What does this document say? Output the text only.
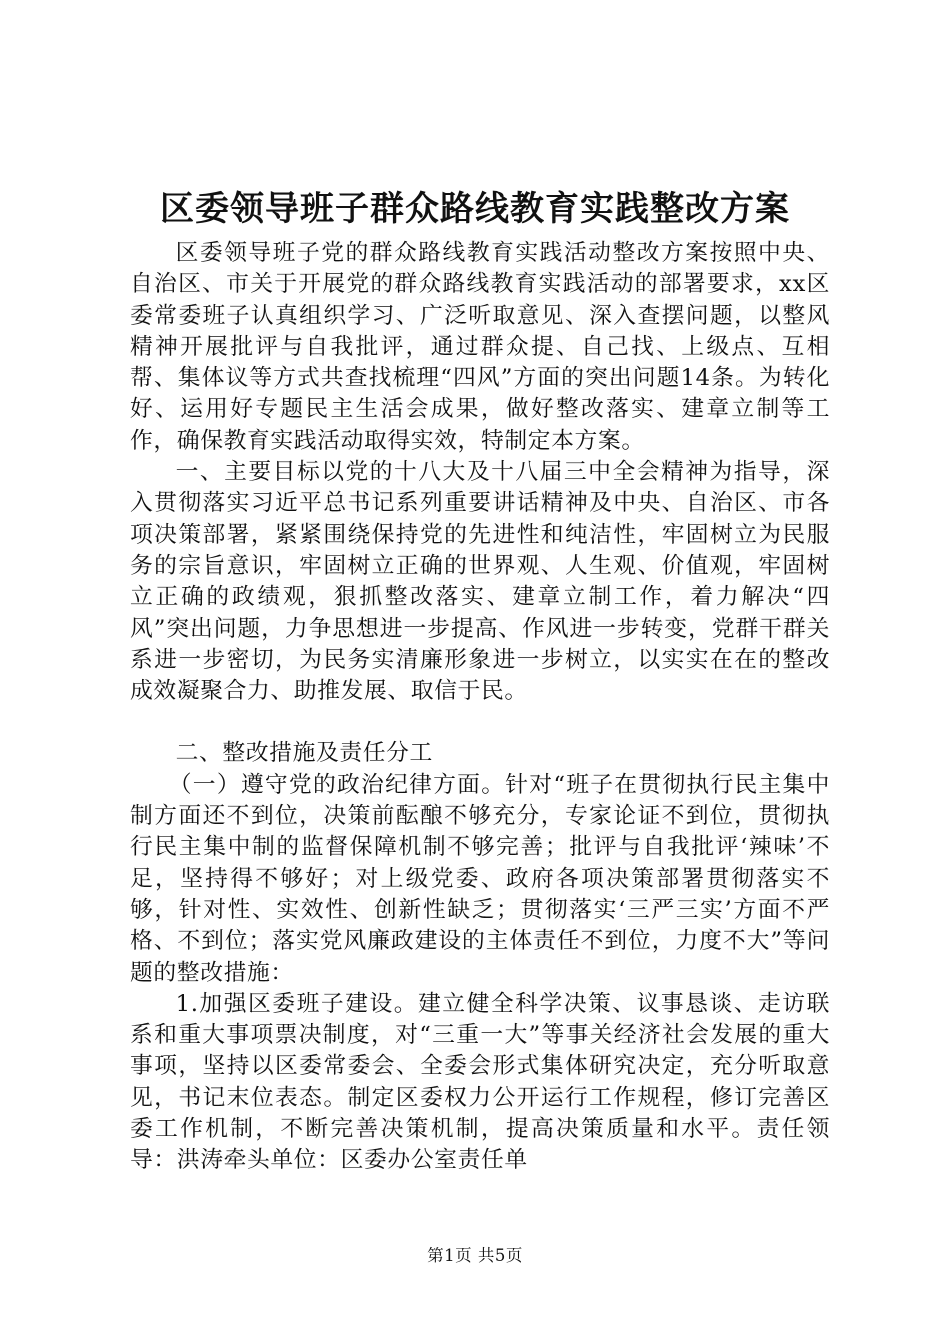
区委领导班子群众路线教育实践整改方案

区委领导班子党的群众路线教育实践活动整改方案按照中央、自治区、市关于开展党的群众路线教育实践活动的部署要求，xx区委常委班子认真组织学习、广泛听取意见、深入查摆问题，以整风精神开展批评与自我批评，通过群众提、自己找、上级点、互相帮、集体议等方式共查找梳理“四风”方面的突出问题14条。为转化好、运用好专题民主生活会成果，做好整改落实、建章立制等工作，确保教育实践活动取得实效，特制定本方案。

一、主要目标以党的十八大及十八届三中全会精神为指导，深入贯彻落实习近平总书记系列重要讲话精神及中央、自治区、市各项决策部署，紧紧围绕保持党的先进性和纯洁性，牢固树立为民服务的宗旨意识，牢固树立正确的世界观、人生观、价值观，牢固树立正确的政绩观，狠抓整改落实、建章立制工作，着力解决“四风”突出问题，力争思想进一步提高、作风进一步转变，党群干群关系进一步密切，为民务实清廉形象进一步树立，以实实在在的整改成效凝聚合力、助推发展、取信于民。

二、整改措施及责任分工

（一）遵守党的政治纪律方面。针对“班子在贯彻执行民主集中制方面还不到位，决策前酝酿不够充分，专家论证不到位，贯彻执行民主集中制的监督保障机制不够完善；批评与自我批评‘辣味’不足，坚持得不够好；对上级党委、政府各项决策部署贯彻落实不够，针对性、实效性、创新性缺乏；贯彻落实‘三严三实’方面不严格、不到位；落实党风廉政建设的主体责任不到位，力度不大”等问题的整改措施：

1.加强区委班子建设。建立健全科学决策、议事恳谈、走访联系和重大事项票决制度，对“三重一大”等事关经济社会发展的重大事项，坚持以区委常委会、全委会形式集体研究决定，充分听取意见，书记末位表态。制定区委权力公开运行工作规程，修订完善区委工作机制，不断完善决策机制，提高决策质量和水平。责任领导：洪涛牵头单位：区委办公室责任单

第1页 共5页
